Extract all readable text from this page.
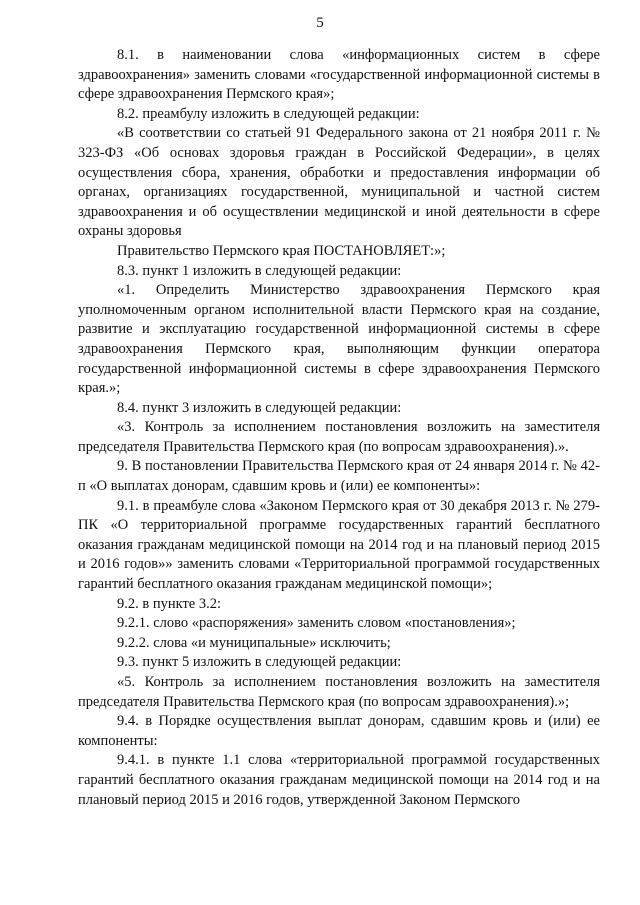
5

8.1. в наименовании слова «информационных систем в сфере здравоохранения» заменить словами «государственной информационной системы в сфере здравоохранения Пермского края»;

8.2. преамбулу изложить в следующей редакции:

«В соответствии со статьей 91 Федерального закона от 21 ноября 2011 г. № 323-ФЗ «Об основах здоровья граждан в Российской Федерации», в целях осуществления сбора, хранения, обработки и предоставления информации об органах, организациях государственной, муниципальной и частной систем здравоохранения и об осуществлении медицинской и иной деятельности в сфере охраны здоровья

Правительство Пермского края ПОСТАНОВЛЯЕТ:»;

8.3. пункт 1 изложить в следующей редакции:

«1. Определить Министерство здравоохранения Пермского края уполномоченным органом исполнительной власти Пермского края на создание, развитие и эксплуатацию государственной информационной системы в сфере здравоохранения Пермского края, выполняющим функции оператора государственной информационной системы в сфере здравоохранения Пермского края.»;

8.4. пункт 3 изложить в следующей редакции:

«3. Контроль за исполнением постановления возложить на заместителя председателя Правительства Пермского края (по вопросам здравоохранения).».

9. В постановлении Правительства Пермского края от 24 января 2014 г. № 42-п «О выплатах донорам, сдавшим кровь и (или) ее компоненты»:

9.1. в преамбуле слова «Законом Пермского края от 30 декабря 2013 г. № 279-ПК «О территориальной программе государственных гарантий бесплатного оказания гражданам медицинской помощи на 2014 год и на плановый период 2015 и 2016 годов»» заменить словами «Территориальной программой государственных гарантий бесплатного оказания гражданам медицинской помощи»;

9.2. в пункте 3.2:

9.2.1. слово «распоряжения» заменить словом «постановления»;

9.2.2. слова «и муниципальные» исключить;

9.3. пункт 5 изложить в следующей редакции:

«5. Контроль за исполнением постановления возложить на заместителя председателя Правительства Пермского края (по вопросам здравоохранения).»;

9.4. в Порядке осуществления выплат донорам, сдавшим кровь и (или) ее компоненты:

9.4.1. в пункте 1.1 слова «территориальной программой государственных гарантий бесплатного оказания гражданам медицинской помощи на 2014 год и на плановый период 2015 и 2016 годов, утвержденной Законом Пермского
